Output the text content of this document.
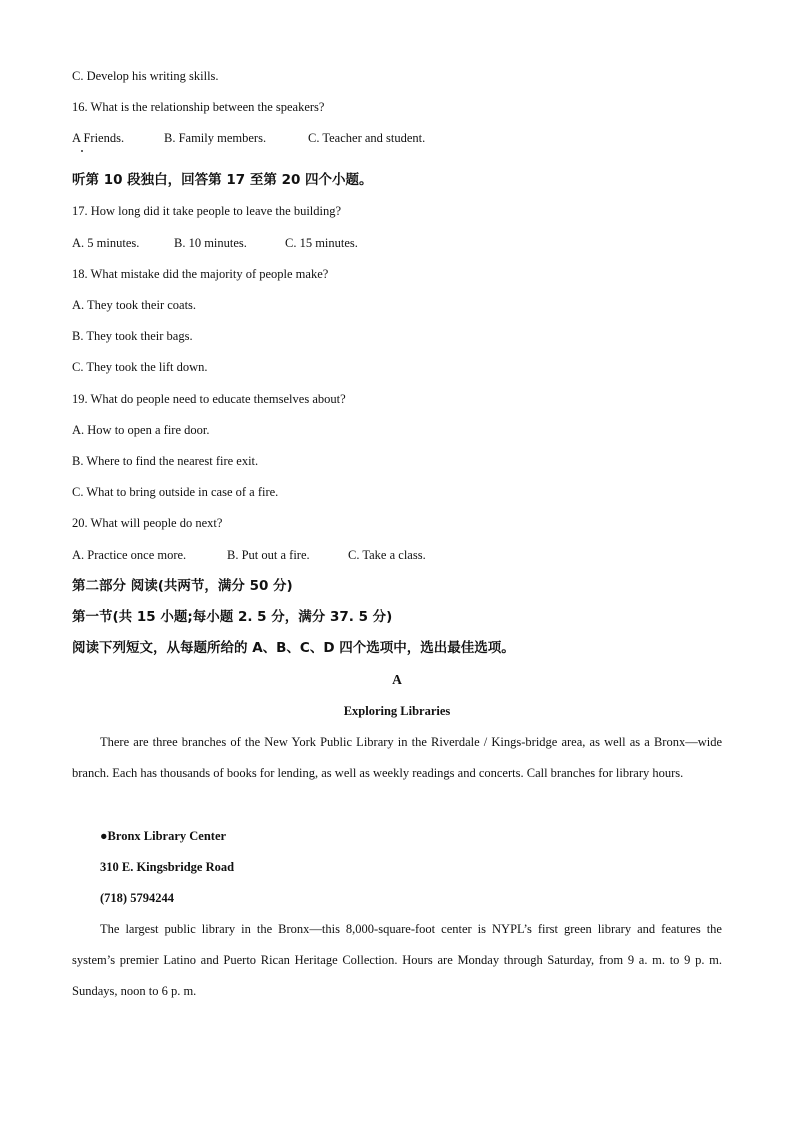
C. Develop his writing skills.
16. What is the relationship between the speakers?
A Friends.	B. Family members.	C. Teacher and student.
听第 10 段独白，回答第 17 至第 20 四个小题。
17. How long did it take people to leave the building?
A. 5 minutes.	B. 10 minutes.	C. 15 minutes.
18. What mistake did the majority of people make?
A. They took their coats.
B. They took their bags.
C. They took the lift down.
19. What do people need to educate themselves about?
A. How to open a fire door.
B. Where to find the nearest fire exit.
C. What to bring outside in case of a fire.
20. What will people do next?
A. Practice once more.	B. Put out a fire.	C. Take a class.
第二部分 阅读(共两节，满分 50 分)
第一节(共 15 小题;每小题 2. 5 分，满分 37. 5 分)
阅读下列短文，从每题所给的 A、B、C、D 四个选项中，选出最佳选项。
A
Exploring Libraries
There are three branches of the New York Public Library in the Riverdale / Kings-bridge area, as well as a Bronx—wide branch. Each has thousands of books for lending, as well as weekly readings and concerts. Call branches for library hours.
●Bronx Library Center
310 E. Kingsbridge Road
(718) 5794244
The largest public library in the Bronx—this 8,000-square-foot center is NYPL’s first green library and features the system’s premier Latino and Puerto Rican Heritage Collection. Hours are Monday through Saturday, from 9 a. m. to 9 p. m. Sundays, noon to 6 p. m.
